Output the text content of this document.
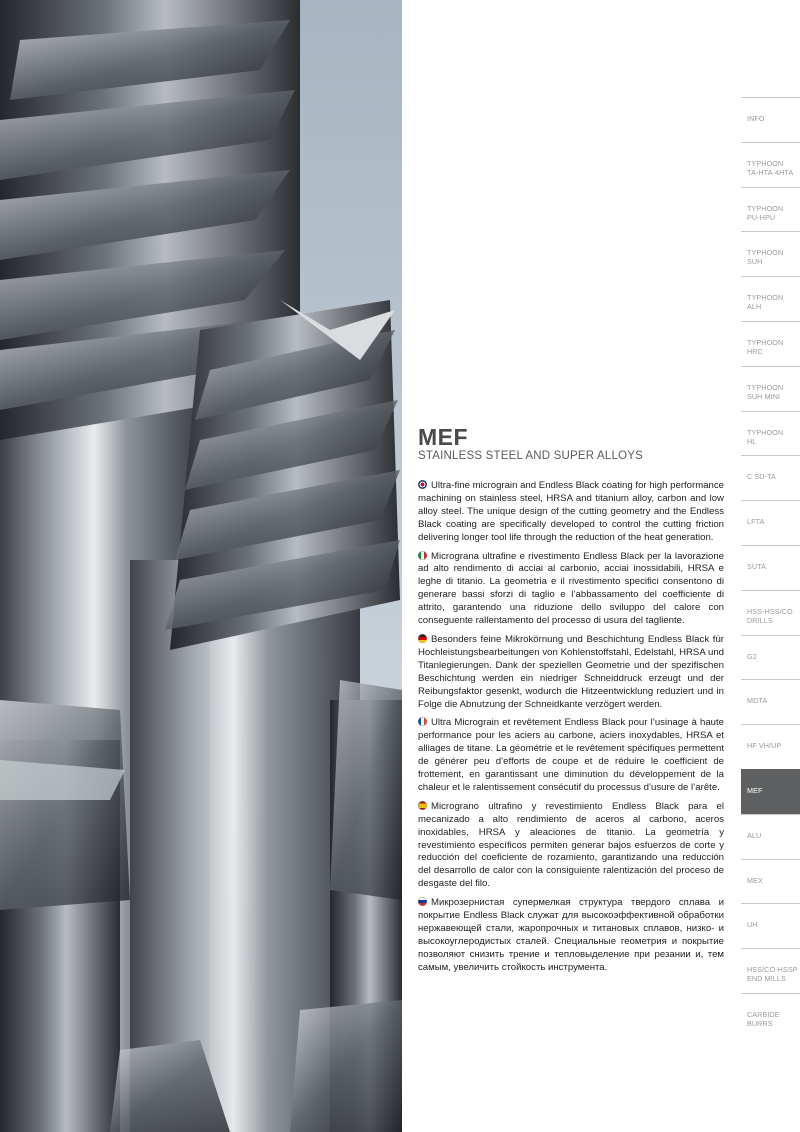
MEF

STAINLESS STEEL AND SUPER ALLOYS

Ultra-fine micrograin and Endless Black coating for high performance machining on stainless steel, HRSA and titanium alloy, carbon and low alloy steel. The unique design of the cutting geometry and the Endless Black coating are specifically developed to control the cutting friction delivering longer tool life through the reduction of the heat generation.

Micrograna ultrafine e rivestimento Endless Black per la lavorazione ad alto rendimento di acciai al carbonio, acciai inossidabili, HRSA e leghe di titanio. La geometria e il rivestimento specifici consentono di generare bassi sforzi di taglio e l’abbassamento del coefficiente di attrito, garantendo una riduzione dello sviluppo del calore con conseguente rallentamento del processo di usura del tagliente.

Besonders feine Mikrokörnung und Beschichtung Endless Black für Hochleistungsbearbeitungen von Kohlenstoffstahl, Edelstahl, HRSA und Titanlegierungen. Dank der speziellen Geometrie und der spezifischen Beschichtung werden ein niedriger Schneiddruck erzeugt und der Reibungsfaktor gesenkt, wodurch die Hitzeentwicklung reduziert und in Folge die Abnutzung der Schneidkante verzögert werden.

Ultra Micrograin et revêtement Endless Black pour l’usinage à haute performance pour les aciers au carbone, aciers inoxydables, HRSA et alliages de titane. La géométrie et le revêtement spécifiques permettent de générer peu d’efforts de coupe et de réduire le coefficient de frottement, en garantissant une diminution du développement de la chaleur et le ralentissement consécutif du processus d’usure de l’arête.

Micrograno ultrafino y revestimiento Endless Black para el mecanizado a alto rendimiento de aceros al carbono, aceros inoxidables, HRSA y aleaciones de titanio. La geometría y revestimiento específicos permiten generar bajos esfuerzos de corte y reducción del coeficiente de rozamiento, garantizando una reducción del desarrollo de calor con la consiguiente ralentización del proceso de desgaste del filo.

Микрозернистая супермелкая структура твердого сплава и покрытие Endless Black служат для высокоэффективной обработки нержавеющей стали, жаропрочных и титановых сплавов, низко- и высокоуглеродистых сталей. Специальные геометрия и покрытие позволяют снизить трение и тепловыделение при резании и, тем самым, увеличить стойкость инструмента.

INFO
TYPHOON
TA-HTA-4HTA
TYPHOON
PU-HPU
TYPHOON
SUH
TYPHOON
ALH
TYPHOON
HRC
TYPHOON
SUH MINI
TYPHOON
HL
C SD-TA
LFTA
SUTA
HSS-HSS/CO
DRILLS
G2
MDTA
HF VH/UP
MEF
ALU
MEX
UH
HSS/CO-HSSP
END MILLS
CARBIDE
BURRS
